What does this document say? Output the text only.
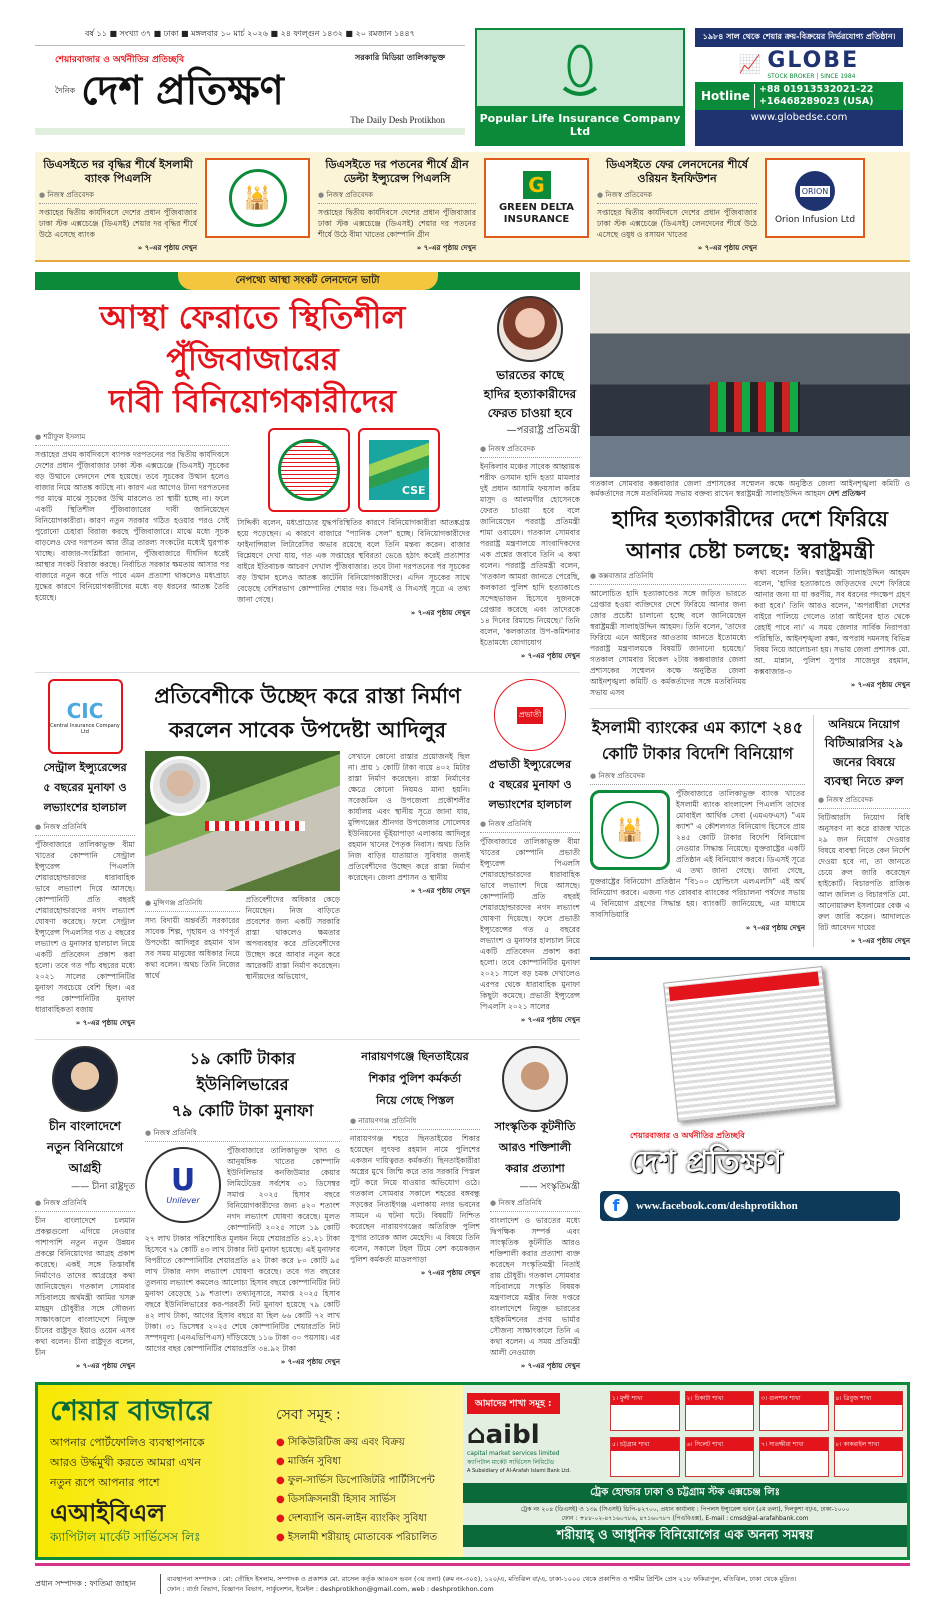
বর্ষ ১১ ■ সংখ্যা ৩৭ ■ ঢাকা ■ মঙ্গলবার ১০ মার্চ ২০২৬ ■ ২৪ ফাল্গুন ১৪৩২ ■ ২০ রমজান ১৪৪৭
শেয়ারবাজার ও অর্থনীতির প্রতিচ্ছবি	সরকারি মিডিয়া তালিকাভুক্ত
দৈনিক দেশ প্রতিক্ষণ
The Daily Desh Protikhon	Popular Life Insurance Company Ltd
১৯৮৪ সাল থেকে শেয়ার ক্রয়-বিক্রয়ের নির্ভরযোগ্য প্রতিষ্ঠান।
📈 GLOBE
STOCK BROKER | SINCE 1984
Hotline +88 01913532021-22
+16468289023 (USA)
www.globedse.com
ডিএসইতে দর বৃদ্ধির শীর্ষে ইসলামী ব্যাংক পিএলসি
● নিজস্ব প্রতিবেদক
সপ্তাহের দ্বিতীয় কার্যদিবসে দেশের প্রধান পুঁজিবাজার ঢাকা স্টক এক্সচেঞ্জে (ডিএসই) শেয়ার দর বৃদ্ধির শীর্ষে উঠে এসেছে ব্যাংক
» ৭-এর পৃষ্ঠায় দেখুন
🕌
ডিএসইতে দর পতনের শীর্ষে গ্রীন ডেল্টা ইন্স্যুরেন্স পিএলসি
● নিজস্ব প্রতিবেদক
সপ্তাহের দ্বিতীয় কার্যদিবসে দেশের প্রধান পুঁজিবাজার ঢাকা স্টক এক্সচেঞ্জে (ডিএসই) শেয়ার দর পতনের শীর্ষে উঠে বীমা খাতের কোম্পানি গ্রীন
» ৭-এর পৃষ্ঠায় দেখুন
G
GREEN DELTA INSURANCE
ডিএসইতে ফের লেনদেনের শীর্ষে ওরিয়ন ইনফিউশন
● নিজস্ব প্রতিবেদক
সপ্তাহের দ্বিতীয় কার্যদিবসে দেশের প্রধান পুঁজিবাজার ঢাকা স্টক এক্সচেঞ্জে (ডিএসই) লেনদেনের শীর্ষে উঠে এসেছে ওষুধ ও রসায়ন খাতের
» ৭-এর পৃষ্ঠায় দেখুন
ORION
Orion Infusion Ltd
নেপথ্যে আস্থা সংকট লেনদেনে ভাটা
আস্থা ফেরাতে স্থিতিশীল পুঁজিবাজারের
দাবী বিনিয়োগকারীদের
● শরীফুল ইসলাম
সপ্তাহের প্রথম কার্যদিবসে ব্যাপক দরপতনের পর দ্বিতীয় কার্যদিবসে দেশের প্রধান পুঁজিবাজার ঢাকা স্টক এক্সচেঞ্জে (ডিএসই) সূচকের বড় উত্থানে লেনদেন শেষ হয়েছে। তবে সূচকের উত্থান হলেও বাজার নিয়ে আতঙ্ক কাটছে না। কারণ এর আগেও টানা দরপতনের পর মাঝে মাঝে সূচকের উত্থি মারলেও তা স্থায়ী হচ্ছে না। ফলে একটি স্থিতিশীল পুঁজিবাজারের দাবী জানিয়েছেন বিনিয়োগকারীরা। কারণ নতুন সরকার গঠিত হওয়ার পরও সেই পুরোনো চেহারা বিরাজ করছে পুঁজিবাজারে। মাঝে মধ্যে সূচক বাড়লেও ফের দরপতন আর তীব্র তারল্য সংকটের মধ্যেই ঘুরপাক খাচ্ছে। বাজার-সংশ্লিষ্টরা জানান, পুঁজিবাজারে দীর্ঘদিন ধরেই আস্থার সংকট বিরাজ করছে। নির্বাচিত সরকার ক্ষমতায় আসার পর বাজারে নতুন করে গতি পাবে এমন প্রত্যাশা থাকলেও মধ্যপ্রাচ্য যুদ্ধের কারণে বিনিয়োগকারীদের মধ্যে বড় ধরনের আতঙ্ক তৈরি হয়েছে।
CSE
সিদ্দিকী বলেন, মধ্যপ্রাচ্যের যুদ্ধপরিস্থিতির কারণে বিনিয়োগকারীরা আতঙ্কগ্রস্ত হয়ে পড়েছেন। এ কারণে বাজারে "প্যানিক সেল" হচ্ছে। বিনিয়োগকারীদের ফাইনান্সিয়াল লিটারেসির অভাব রয়েছে বলে তিনি মন্তব্য করেন। বাজার বিশ্লেষণে দেখা যায়, গত এক সপ্তাহের স্থবিরতা ভেঙে হঠাৎ করেই প্রত্যাশার বাইরে ইতিবাচক আচরণ দেখাল পুঁজিবাজার। তবে টানা দরপতনের পর সূচকের বড় উত্থান হলেও আতঙ্ক কাটেনি বিনিয়োগকারীদের। এদিন সূচকের সাথে বেড়েছে বেশিরভাগ কোম্পানির শেয়ার দর। ডিএসই ও সিএসই সূত্রে এ তথ্য জানা গেছে।
» ৭-এর পৃষ্ঠায় দেখুন
ভারতের কাছে
হাদির হত্যাকারীদের
ফেরত চাওয়া হবে
—পররাষ্ট্র প্রতিমন্ত্রী
● নিজস্ব প্রতিবেদক
ইনকিলাব মঞ্চের সাবেক আহ্বায়ক শরীফ ওসমান হাদি হত্যা মামলার দুই প্রধান আসামি ফয়সাল করিম মাসুদ ও আলমগীর হোসেনকে ফেরত চাওয়া হবে বলে জানিয়েছেন পররাষ্ট্র প্রতিমন্ত্রী শামা ওবায়েদ। গতকাল সোমবার পররাষ্ট্র মন্ত্রণালয়ে সাংবাদিকদের এক প্রশ্নের জবাবে তিনি এ কথা বলেন। পররাষ্ট্র প্রতিমন্ত্রী বলেন, 'গতকাল আমরা জানতে পেরেছি, কলকাতা পুলিশ হাদি হত্যাকাণ্ডে সন্দেহভাজন হিসেবে দুজনকে গ্রেপ্তার করেছে এবং তাদেরকে ১৪ দিনের রিমান্ডে নিয়েছে।' তিনি বলেন, 'কলকাতার উপ-কমিশনার ইতোমধ্যে যোগাযোগ
» ৭-এর পৃষ্ঠায় দেখুন
CIC
Central Insurance Company Ltd
সেন্ট্রাল ইন্স্যুরেন্সের
৫ বছরের মুনাফা ও
লভ্যাংশের হালচাল
● নিজস্ব প্রতিনিধি
পুঁজিবাজারে তালিকাভুক্ত বীমা খাতের কোম্পানি সেন্ট্রাল ইন্স্যুরেন্স পিএলসি শেয়ারহোল্ডারদের ধারাবাহিক ভাবে লভ্যাংশ দিয়ে আসছে। কোম্পানিটি প্রতি বছরই শেয়ারহোল্ডারদের নগদ লভ্যাংশ ঘোষণা করেছে। ফলে সেন্ট্রাল ইন্স্যুরেন্স পিএলসির গত ৫ বছরের লভ্যাংশ ও মুনাফার হালচাল নিয়ে একটি প্রতিবেদন প্রকাশ করা হলো। তবে গত পাঁচ বছরের মধ্যে ২০২১ সালের কোম্পানিটির মুনাফা সবচেয়ে বেশি ছিল। এর পর কোম্পানিটির মুনাফা ধারাবাহিকতা বজায়
» ৭-এর পৃষ্ঠায় দেখুন
প্রতিবেশীকে উচ্ছেদ করে রাস্তা নির্মাণ
করলেন সাবেক উপদেষ্টা আদিলুর
● মুন্সিগঞ্জ প্রতিনিধি
সদ্য বিদায়ী অন্তর্বর্তী সরকারের সাবেক শিল্প, গৃহায়ন ও গণপূর্ত উপদেষ্টা আদিলুর রহমান খান সব সময় মানুষের অধিকার নিয়ে কথা বলেন। অথচ তিনি নিজের স্বার্থে
প্রতিবেশীদের অধিকার কেড়ে নিয়েছেন। নিজ বাড়িতে প্রবেশের জন্য একটি সরকারি রাস্তা থাকলেও ক্ষমতার অপব্যবহার করে প্রতিবেশীদের উচ্ছেদ করে আবার নতুন করে আরেকটি রাস্তা নির্মাণ করেছেন। স্থানীয়দের অভিযোগ,
সেখানে কোনো রাস্তার প্রয়োজনই ছিল না। প্রায় ১ কোটি টাকা ব্যয়ে ৪০২ মিটার রাস্তা নির্মাণ করেছেন। রাস্তা নির্মাণের ক্ষেত্রে কোনো নিয়মও মানা হয়নি। সরেজমিন ও উপজেলা প্রকৌশলীর কার্যালয় এবং স্থানীয় সূত্রে জানা যায়, মুন্সিগঞ্জের শ্রীনগর উপজেলার সোলেঘর ইউনিয়নের ভূঁইয়াপাড়া এলাকায় আদিলুর রহমান খানের পৈতৃক নিবাস। অথচ তিনি নিজ বাড়ির যাতায়াত সুবিধার জন্যই প্রতিবেশীদের উচ্ছেদ করে রাস্তা নির্মাণ করেছেন। জেলা প্রশাসন ও স্থানীয়
» ৭-এর পৃষ্ঠায় দেখুন
প্রভাতী
প্রভাতী ইন্স্যুরেন্সের
৫ বছরের মুনাফা ও
লভ্যাংশের হালচাল
● নিজস্ব প্রতিনিধি
পুঁজিবাজারে তালিকাভুক্ত বীমা খাতের কোম্পানি প্রভাতী ইন্স্যুরেন্স পিএলসি শেয়ারহোল্ডারদের ধারাবাহিক ভাবে লভ্যাংশ দিয়ে আসছে। কোম্পানিটি প্রতি বছরই শেয়ারহোল্ডারদের নগদ লভ্যাংশ ঘোষণা দিয়েছে। ফলে প্রভাতী ইন্স্যুরেন্সের গত ৫ বছরের লভ্যাংশ ও মুনাফার হালচাল নিয়ে একটি প্রতিবেদন প্রকাশ করা হলো। তবে কোম্পানিটির মুনাফা ২০২১ সালে বড় চমক দেখালেও এরপর থেকে ধারাবাহিক মুনাফা কিছুটা কমেছে। প্রভাতী ইন্স্যুরেন্স পিএলসি ২০২১ সালের
» ৭-এর পৃষ্ঠায় দেখুন
চীন বাংলাদেশে
নতুন বিনিয়োগে
আগ্রহী
—— চীনা রাষ্ট্রদূত
● নিজস্ব প্রতিনিধি
চীন বাংলাদেশে চলমান প্রকল্পগুলো এগিয়ে নেওয়ার পাশাপাশি নতুন নতুন উন্নয়ন প্রকল্পে বিনিয়োগের আগ্রহ প্রকাশ করেছে। একই সঙ্গে তিস্তাবাঁধ নির্মাণেও তাদের আগ্রহের কথা জানিয়েছেন। গতকাল সোমবার সচিবালয়ে অর্থমন্ত্রী আমির খসরু মাহমুদ চৌধুরীর সঙ্গে সৌজন্য সাক্ষাৎকালে বাংলাদেশে নিযুক্ত চীনের রাষ্ট্রদূত ইয়াও ওয়েন এসব কথা বলেন। চীনা রাষ্ট্রদূত বলেন, চীন
» ৭-এর পৃষ্ঠায় দেখুন
১৯ কোটি টাকার ইউনিলিভারের
৭৯ কোটি টাকা মুনাফা
● নিজস্ব প্রতিনিধি
U
Unilever
পুঁজিবাজারে তালিকাভুক্ত খাদ্য ও আনুষঙ্গিক খাতের কোম্পানি ইউনিলিভার কনজিউমার কেয়ার লিমিটেডের সর্বশেষ ৩১ ডিসেম্বর সমাপ্ত ২০২৫ হিসাব বছরে বিনিয়োগকারীদের জন্য ৪২০ শতাংশ নগদ লভ্যাংশ ঘোষণা করেছে। মূলত কোম্পানিটি ২০২৫ সালে ১৯ কোটি ২৭ লাখ টাকার পরিশোধিত মূলধন নিয়ে শেয়ারপ্রতি ৪১.২১ টাকা হিসেবে ৭৯ কোটি ৪৩ লাখ টাকার নিট মুনাফা হয়েছে। এই মুনাফার বিপরীতে কোম্পানিটির শেয়ারপ্রতি ৪২ টাকা করে ৮০ কোটি ৯৫ লাখ টাকার নগদ লভ্যাংশ ঘোষণা করেছে। তবে গত বছরের তুলনায় লভ্যাংশ কমলেও আলোচ্য হিসাব বছরে কোম্পানিটির নিট মুনাফা বেড়েছে ১৯ শতাংশ। তথ্যানুসারে, সমাপ্ত ২০২৫ হিসাব বছরে ইউনিলিভারের কর-পরবর্তী নিট মুনাফা হয়েছে ৭৯ কোটি ৪২ লাখ টাকা, আগের হিসাব বছরে যা ছিল ৬৬ কোটি ৭২ লাখ টাকা। ৩১ ডিসেম্বর ২০২৫ শেষে কোম্পানিটির শেয়ারপ্রতি নিট সম্পদমূল্য (এনএভিপিএস) দাঁড়িয়েছে ১১৬ টাকা ৩০ পয়সায়। এর আগের বছর কোম্পানিটির শেয়ারপ্রতি ৩৪.৯২ টাকা
» ৭-এর পৃষ্ঠায় দেখুন
নারায়ণগঞ্জে ছিনতাইয়ের
শিকার পুলিশ কর্মকর্তা
নিয়ে গেছে পিস্তল
● নারায়ণগঞ্জ প্রতিনিধি
নারায়ণগঞ্জ শহরে ছিনতাইয়ের শিকার হয়েছেন লুৎফর রহমান নামে পুলিশের একজন দায়িত্বরত কর্মকর্তা। ছিনতাইকারীরা অস্ত্রের মুখে জিম্মি করে তার সরকারি পিস্তল লুট করে নিয়ে যাওয়ার অভিযোগ ওঠে। গতকাল সোমবার সকালে শহরের বঙ্গবন্ধু সড়কের নিতাইগঞ্জ এলাকায় নগর ভবনের সামনে এ ঘটনা ঘটে। বিষয়টি নিশ্চিত করেছেন নারায়ণগঞ্জের অতিরিক্ত পুলিশ সুপার তারেক আল মেহেদি। এ বিষয়ে তিনি বলেন, সকালে টহল টিমে বেশ কয়েকজন পুলিশ কর্মকর্তা মাডলপাড়া
» ৭-এর পৃষ্ঠায় দেখুন
সাংস্কৃতিক কূটনীতি
আরও শক্তিশালী
করার প্রত্যাশা
—— সংস্কৃতিমন্ত্রী
● নিজস্ব প্রতিনিধি
বাংলাদেশ ও ভারতের মধ্যে দ্বিপক্ষিক সম্পর্ক এবং সাংস্কৃতিক কূটনীতি আরও শক্তিশালী করার প্রত্যাশা ব্যক্ত করেছেন সংস্কৃতিমন্ত্রী নিতাই রায় চৌধুরী। গতকাল সোমবার সচিবালয়ে সংস্কৃতি বিষয়ক মন্ত্রণালয়ে মন্ত্রীর নিজ দপ্তরে বাংলাদেশে নিযুক্ত ভারতের হাইকমিশনের প্রণয় ভার্মার সৌজন্য সাক্ষাৎকালে তিনি এ কথা বলেন। এ সময় প্রতিমন্ত্রী আলী নেওয়াজ
» ৭-এর পৃষ্ঠায় দেখুন
গতকাল সোমবার কক্সবাজার জেলা প্রশাসকের সম্মেলন কক্ষে অনুষ্ঠিত জেলা আইনশৃঙ্খলা কমিটি ও কর্মকর্তাদের সঙ্গে মতবিনিময় সভায় বক্তব্য রাখেন স্বরাষ্ট্রমন্ত্রী সালাহউদ্দিন আহমদ দেশ প্রতিক্ষণ
হাদির হত্যাকারীদের দেশে ফিরিয়ে
আনার চেষ্টা চলছে: স্বরাষ্ট্রমন্ত্রী
● কক্সবাজার প্রতিনিধি
আলোচিত হাদি হত্যাকাণ্ডের সঙ্গে জড়িত ভারতে গ্রেপ্তার হওয়া ব্যক্তিদের দেশে ফিরিয়ে আনার জন্য জোর প্রচেষ্টা চালানো হচ্ছে বলে জানিয়েছেন স্বরাষ্ট্রমন্ত্রী সালাহউদ্দিন আহমদ। তিনি বলেন, 'তাদের ফিরিয়ে এনে আইনের আওতায় আনতে ইতোমধ্যে পররাষ্ট্র মন্ত্রণালয়কে বিষয়টি জানানো হয়েছে।' গতকাল সোমবার বিকেল ২টায় কক্সবাজার জেলা প্রশাসকের সম্মেলন কক্ষে অনুষ্ঠিত জেলা আইনশৃঙ্খলা কমিটি ও কর্মকর্তাদের সঙ্গে মতবিনিময় সভায় এসব
কথা বলেন তিনি। স্বরাষ্ট্রমন্ত্রী সালাহউদ্দিন আহমদ বলেন, 'হাদির হত্যাকাণ্ডে জড়িতদের দেশে ফিরিয়ে আনার জন্য যা যা করণীয়, সব ধরনের পদক্ষেপ গ্রহণ করা হবে।' তিনি আরও বলেন, 'অপরাধীরা দেশের বাইরে পালিয়ে গেলেও তারা আইনের হাত থেকে রেহাই পাবে না।' এ সময় জেলার সার্বিক নিরাপত্তা পরিস্থিতি, আইনশৃঙ্খলা রক্ষা, অপরাধ দমনসহ বিভিন্ন বিষয় নিয়ে আলোচনা হয়। সভায় জেলা প্রশাসক মো. আ. মান্নান, পুলিশ সুপার সাজেদুর রহমান, কক্সবাজার-৩
» ৭-এর পৃষ্ঠায় দেখুন
ইসলামী ব্যাংকের এম ক্যাশে ২৪৫
কোটি টাকার বিদেশি বিনিয়োগ
● নিজস্ব প্রতিবেদক
🕌
পুঁজিবাজারে তালিকাভুক্ত ব্যাংক খাতের ইসলামী ব্যাংক বাংলাদেশ পিএলসি তাদের মোবাইল আর্থিক সেবা (এমএফএস) "এম ক্যাশ" এ কৌশলগত বিনিয়োগ হিসেবে প্রায় ২৪৫ কোটি টাকার বিদেশি বিনিয়োগ নেওয়ার সিদ্ধান্ত নিয়েছে। যুক্তরাষ্ট্রের একটি প্রতিষ্ঠান এই বিনিয়োগ করবে। ডিএসই সূত্রে এ তথ্য জানা গেছে। জানা গেছে, যুক্তরাষ্ট্রের বিনিয়োগ প্রতিষ্ঠান "বি১০০ হোল্ডিংস এলএলসি" এই অর্থ বিনিয়োগ করবে। এজন্য গত রোববার ব্যাংকের পরিচালনা পর্ষদের সভায় এ বিনিয়োগ গ্রহণের সিদ্ধান্ত হয়। ব্যাংকটি জানিয়েছে, এর মাধ্যমে সাবসিডিয়ারি
» ৭-এর পৃষ্ঠায় দেখুন
অনিয়মে নিয়োগ
বিটিআরসির ২৯
জনের বিষয়ে
ব্যবস্থা নিতে রুল
● নিজস্ব প্রতিবেদক
বিটিআরসি নিয়োগ বিধি অনুসরণ না করে রাজস্ব খাতে ২৯ জন নিয়োগ দেওয়ার বিষয়ে ব্যবস্থা নিতে কেন নির্দেশ দেওয়া হবে না, তা জানতে চেয়ে রুল জারি করেছেন হাইকোর্ট। বিচারপতি রাজিক আল জলিল ও বিচারপতি মো. আনোয়ারুল ইসলামের বেঞ্চ এ রুল জারি করেন। আদালতে রিট আবেদন দায়ের
» ৭-এর পৃষ্ঠায় দেখুন
শেয়ারবাজার ও অর্থনীতির প্রতিচ্ছবি
দেশ প্রতিক্ষণ
f	www.facebook.com/deshprotikhon
শেয়ার বাজারে
আপনার পোর্টফোলিও ব্যবস্থাপনাকে
আরও উর্দ্ধমুখী করতে আমরা এখন
নতুন রূপে আপনার পাশে
এআইবিএল
ক্যাপিটাল মার্কেট সার্ভিসেস লিঃ
সেবা সমূহ :
● সিকিউরিটিজ ক্রয় এবং বিক্রয়
● মার্জিন সুবিধা
● ফুল-সার্ভিস ডিপোজিটরি পার্টিসিপেন্ট
● ডিসক্রিসনারী হিসাব সার্ভিস
● দেশব্যাপি অন-লাইন ব্যাংকিং সুবিধা
● ইসলামী শরীয়াহ্ মোতাবেক পরিচালিত
আমাদের শাখা সমূহ :
⌂aibl
capital market services limited
ক্যাপিটাল মার্কেট সার্ভিসেস লিমিটেড
A Subsidiary of Al-Arafah Islami Bank Ltd.
১। মুন্সী শাখা	২। ঢিকাটা শাখা	৩। গুলশান শাখা	৪। ত্রিবুজ শাখা
৫। চট্টগ্রাম শাখা	৬। সিলেট শাখা	৭। সাতক্ষীরা শাখা	৮। কাকরাইল শাখা
ট্রেক হোল্ডার ঢাকা ও চট্টগ্রাম স্টক এক্সচেঞ্জ লিঃ
ট্রেক নং ২০৪ (ডিএসই) ও ১৩৯ (সিএসই) ডিপি-৪২৭০০, প্রধান কার্যালয় : পিপলস ইন্স্যুরেন্স ভবন (৫ম তলা), দিলকুশা বা/এ, ঢাকা-১০০০
ফোন : +৮৮-০২-৪৭১৬০৭৮৬, ৪৭১৬০৭৮৭ (পিএবিএক্স), E-mail : cmsd@al-arafahbank.com
শরীয়াহ্ ও আধুনিক বিনিয়োগের এক অনন্য সমন্বয়
প্রধান সম্পাদক : ফাতিমা জাহান	ব্যবস্থাপনা সম্পাদক : মো: তৌহিদ ইসলাম, সম্পাদক ও প্রকাশক মো. রাসেল কর্তৃক আরএস ভবন (৩য় তলা) (রুম নং-৩০৫), ১২০/এ, মতিঝিল বা/এ, ঢাকা-১০০০ থেকে প্রকাশিত ও শামীম প্রিন্টিং প্রেস ২১৮ ফকিরাপুল, মতিঝিল, ঢাকা থেকে মুদ্রিত।
ফোন : বার্তা বিভাগ, বিজ্ঞাপন বিভাগ, সার্কুলেশন, ইমেইল : deshprotikhon@gmail.com, web : deshprotikhon.com
